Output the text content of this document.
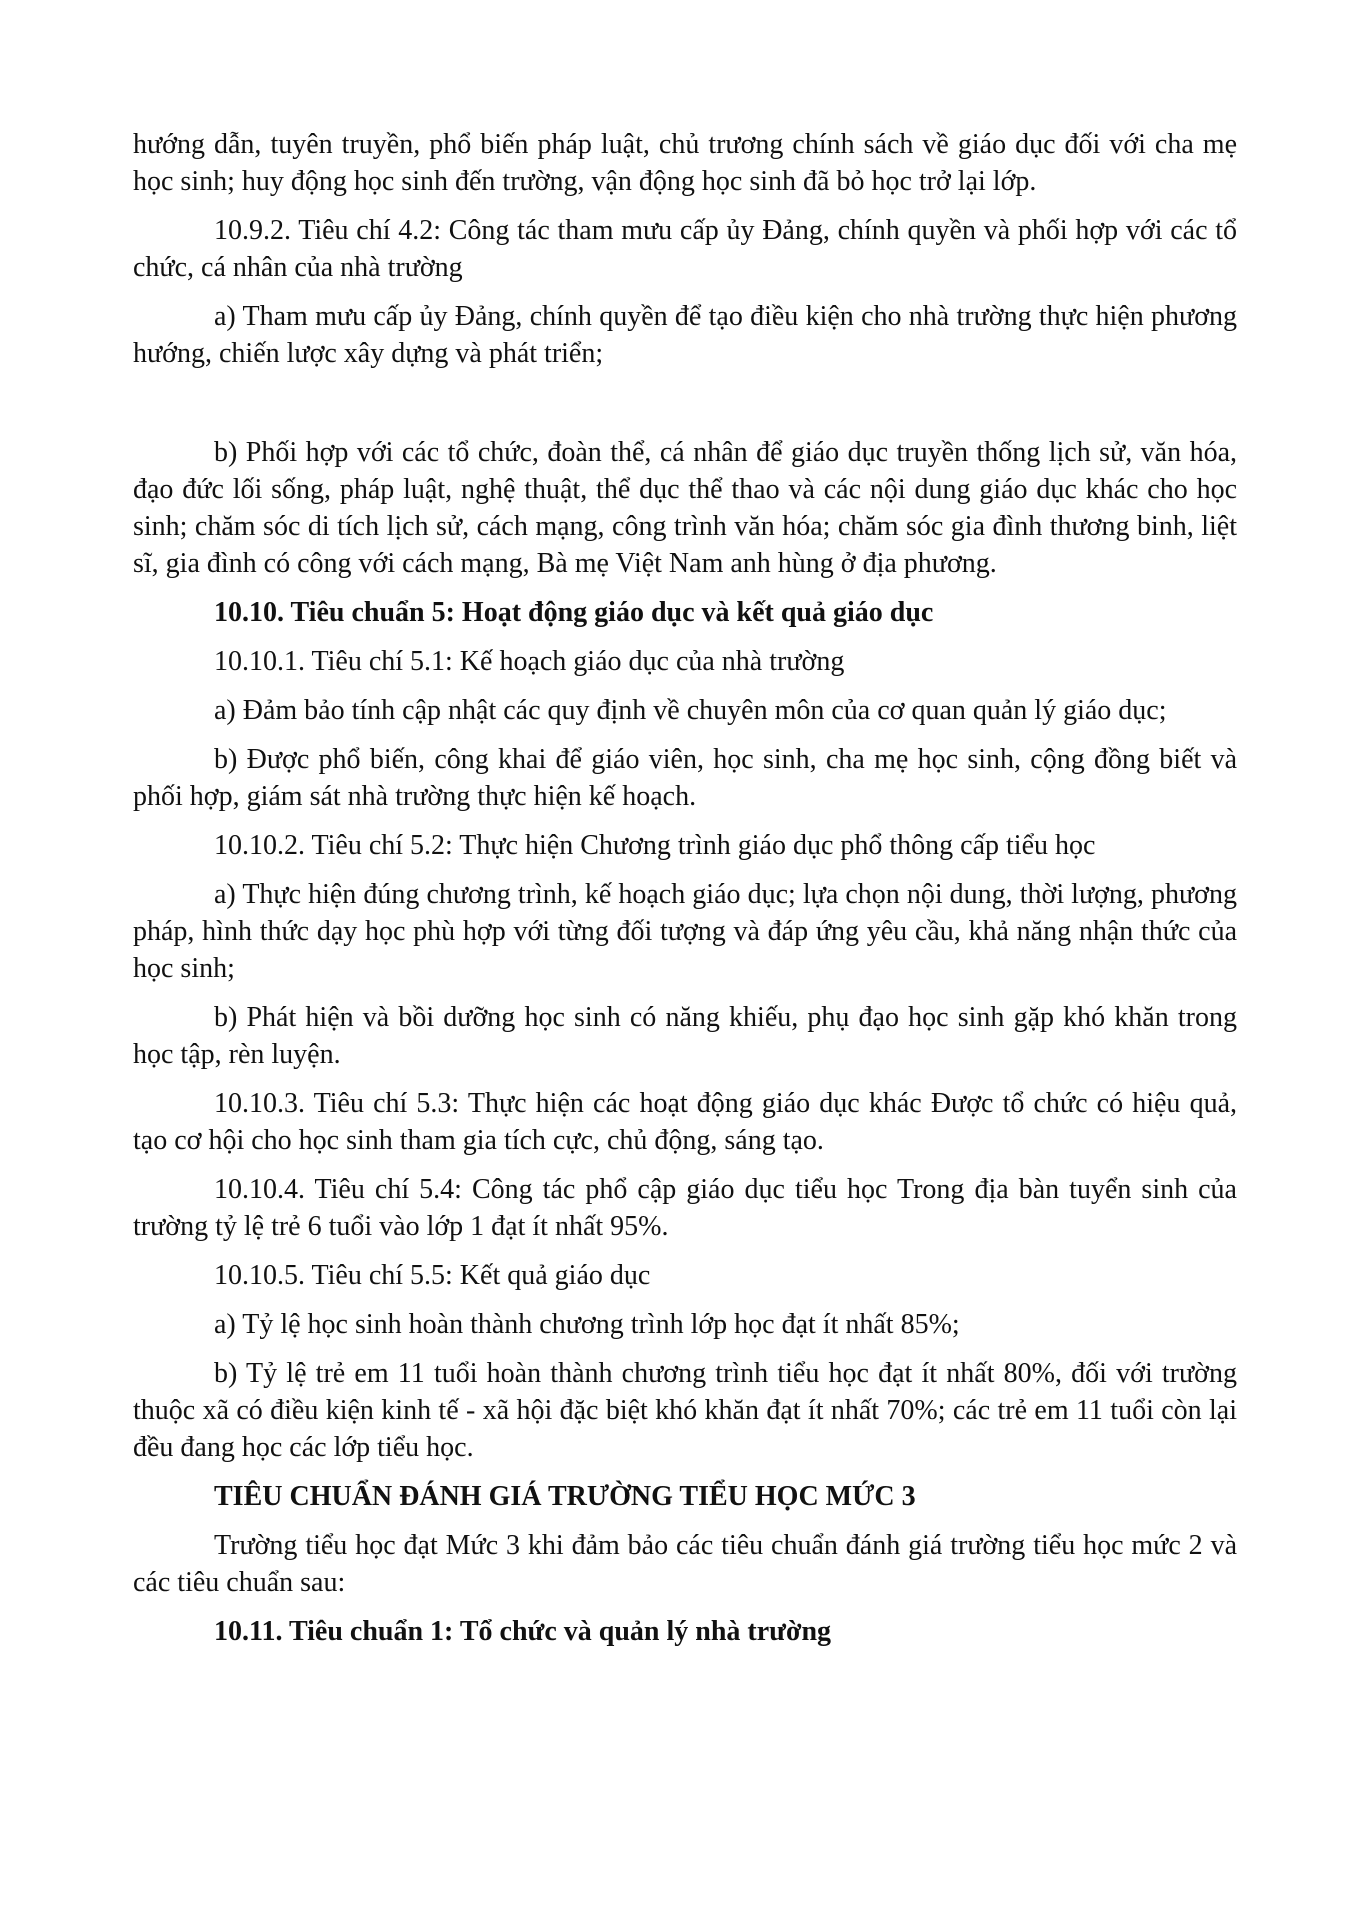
hướng dẫn, tuyên truyền, phổ biến pháp luật, chủ trương chính sách về giáo dục đối với cha mẹ học sinh; huy động học sinh đến trường, vận động học sinh đã bỏ học trở lại lớp.

10.9.2. Tiêu chí 4.2: Công tác tham mưu cấp ủy Đảng, chính quyền và phối hợp với các tổ chức, cá nhân của nhà trường

a) Tham mưu cấp ủy Đảng, chính quyền để tạo điều kiện cho nhà trường thực hiện phương hướng, chiến lược xây dựng và phát triển;

b) Phối hợp với các tổ chức, đoàn thể, cá nhân để giáo dục truyền thống lịch sử, văn hóa, đạo đức lối sống, pháp luật, nghệ thuật, thể dục thể thao và các nội dung giáo dục khác cho học sinh; chăm sóc di tích lịch sử, cách mạng, công trình văn hóa; chăm sóc gia đình thương binh, liệt sĩ, gia đình có công với cách mạng, Bà mẹ Việt Nam anh hùng ở địa phương.

10.10. Tiêu chuẩn 5: Hoạt động giáo dục và kết quả giáo dục

10.10.1. Tiêu chí 5.1: Kế hoạch giáo dục của nhà trường

a) Đảm bảo tính cập nhật các quy định về chuyên môn của cơ quan quản lý giáo dục;

b) Được phổ biến, công khai để giáo viên, học sinh, cha mẹ học sinh, cộng đồng biết và phối hợp, giám sát nhà trường thực hiện kế hoạch.

10.10.2. Tiêu chí 5.2: Thực hiện Chương trình giáo dục phổ thông cấp tiểu học

a) Thực hiện đúng chương trình, kế hoạch giáo dục; lựa chọn nội dung, thời lượng, phương pháp, hình thức dạy học phù hợp với từng đối tượng và đáp ứng yêu cầu, khả năng nhận thức của học sinh;

b) Phát hiện và bồi dưỡng học sinh có năng khiếu, phụ đạo học sinh gặp khó khăn trong học tập, rèn luyện.

10.10.3. Tiêu chí 5.3: Thực hiện các hoạt động giáo dục khác Được tổ chức có hiệu quả, tạo cơ hội cho học sinh tham gia tích cực, chủ động, sáng tạo.

10.10.4. Tiêu chí 5.4: Công tác phổ cập giáo dục tiểu học Trong địa bàn tuyển sinh của trường tỷ lệ trẻ 6 tuổi vào lớp 1 đạt ít nhất 95%.

10.10.5. Tiêu chí 5.5: Kết quả giáo dục

a) Tỷ lệ học sinh hoàn thành chương trình lớp học đạt ít nhất 85%;

b) Tỷ lệ trẻ em 11 tuổi hoàn thành chương trình tiểu học đạt ít nhất 80%, đối với trường thuộc xã có điều kiện kinh tế - xã hội đặc biệt khó khăn đạt ít nhất 70%; các trẻ em 11 tuổi còn lại đều đang học các lớp tiểu học.

TIÊU CHUẨN ĐÁNH GIÁ TRƯỜNG TIỂU HỌC MỨC 3

Trường tiểu học đạt Mức 3 khi đảm bảo các tiêu chuẩn đánh giá trường tiểu học mức 2 và các tiêu chuẩn sau:

10.11. Tiêu chuẩn 1: Tổ chức và quản lý nhà trường
